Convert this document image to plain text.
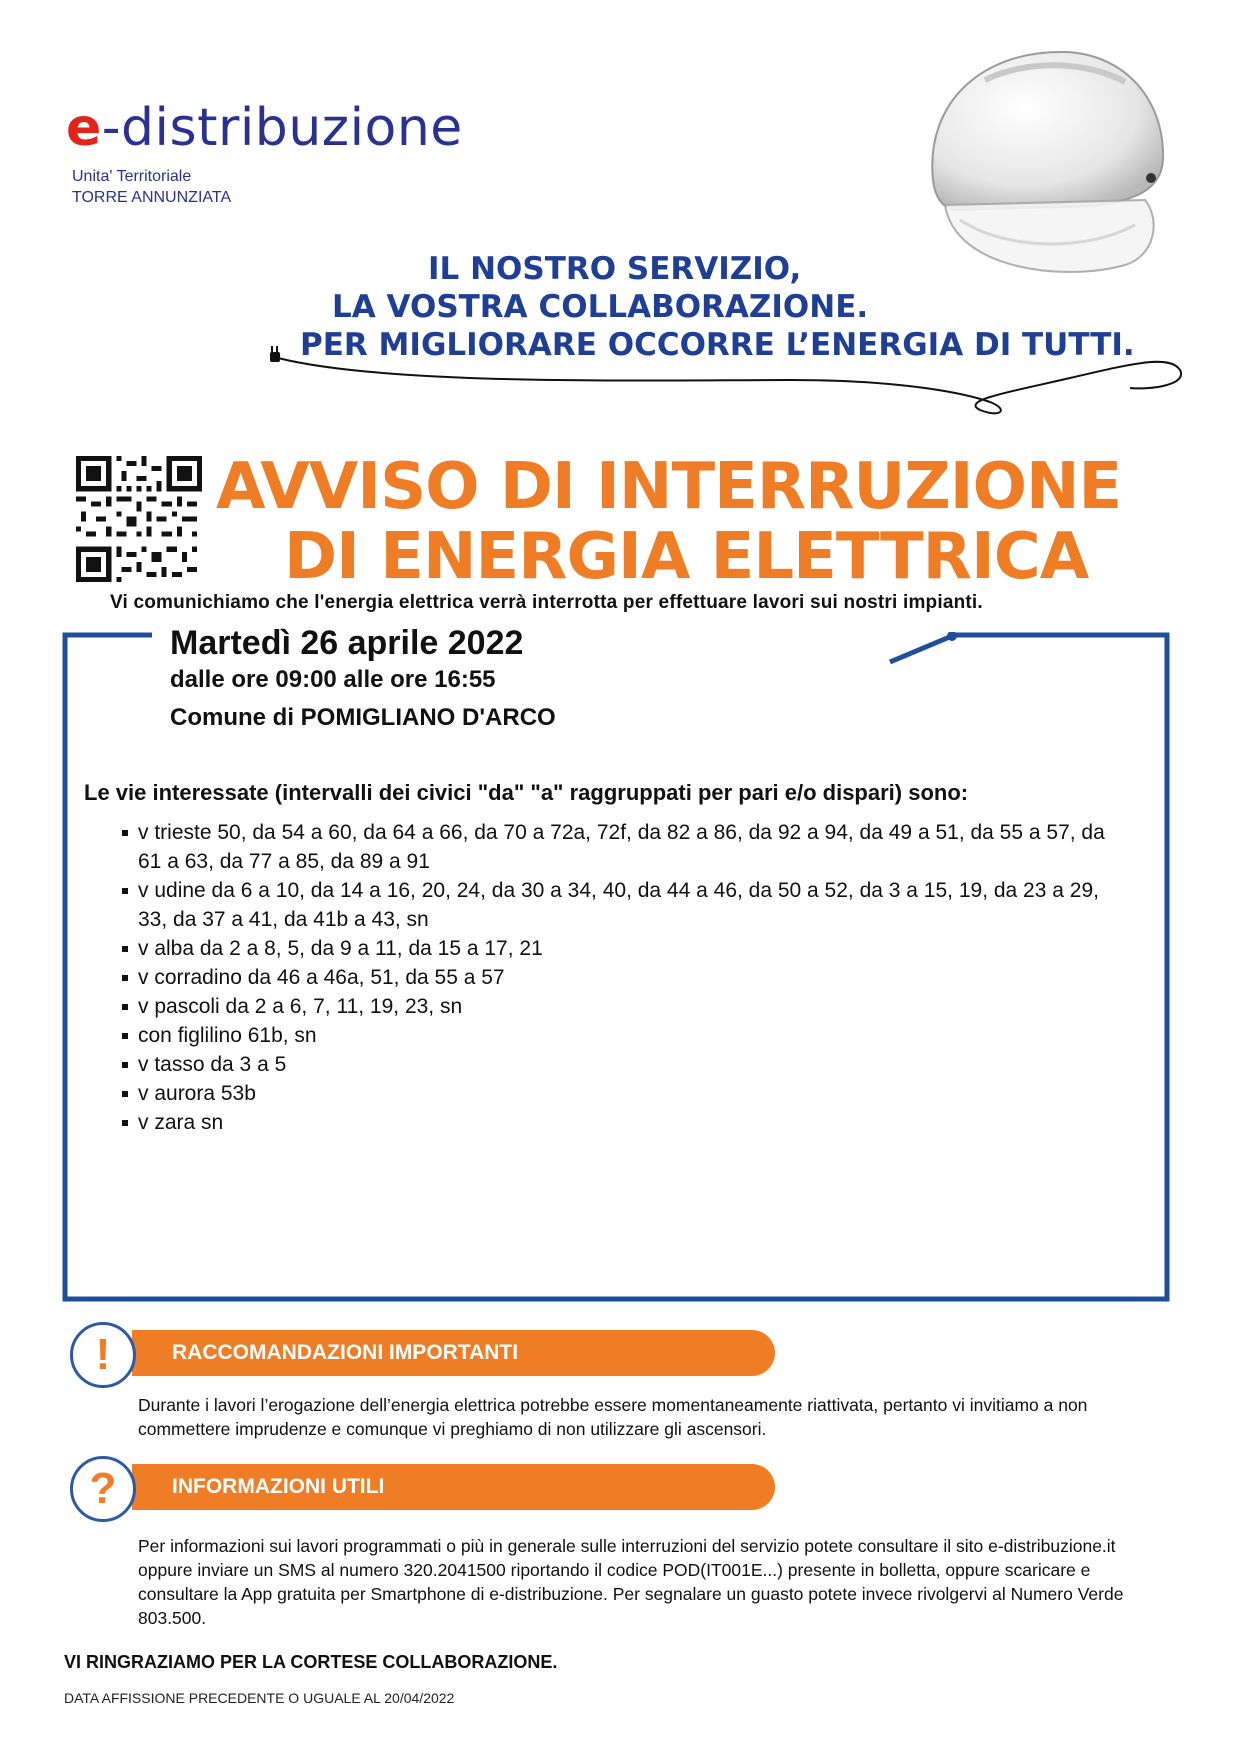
e-distribuzione
Unita' Territoriale
TORRE ANNUNZIATA
IL NOSTRO SERVIZIO,
LA VOSTRA COLLABORAZIONE.
PER MIGLIORARE OCCORRE L’ENERGIA DI TUTTI.
AVVISO DI INTERRUZIONE
DI ENERGIA ELETTRICA
Vi comunichiamo che l'energia elettrica verrà interrotta per effettuare lavori sui nostri impianti.
Martedì 26 aprile 2022
dalle ore 09:00 alle ore 16:55
Comune di POMIGLIANO D'ARCO
Le vie interessate (intervalli dei civici "da" "a" raggruppati per pari e/o dispari) sono:
v trieste 50, da 54 a 60, da 64 a 66, da 70 a 72a, 72f, da 82 a 86, da 92 a 94, da 49 a 51, da 55 a 57, da 61 a 63, da 77 a 85, da 89 a 91
v udine da 6 a 10, da 14 a 16, 20, 24, da 30 a 34, 40, da 44 a 46, da 50 a 52, da 3 a 15, 19, da 23 a 29, 33, da 37 a 41, da 41b a 43, sn
v alba da 2 a 8, 5, da 9 a 11, da 15 a 17, 21
v corradino da 46 a 46a, 51, da 55 a 57
v pascoli da 2 a 6, 7, 11, 19, 23, sn
con figlilino 61b, sn
v tasso da 3 a 5
v aurora 53b
v zara sn
RACCOMANDAZIONI IMPORTANTI
!
Durante i lavori l’erogazione dell’energia elettrica potrebbe essere momentaneamente riattivata, pertanto vi invitiamo a non commettere imprudenze e comunque vi preghiamo di non utilizzare gli ascensori.
INFORMAZIONI UTILI
?
Per informazioni sui lavori programmati o più in generale sulle interruzioni del servizio potete consultare il sito e-distribuzione.it oppure inviare un SMS al numero 320.2041500 riportando il codice POD(IT001E...) presente in bolletta, oppure scaricare e consultare la App gratuita per Smartphone di e-distribuzione. Per segnalare un guasto potete invece rivolgervi al Numero Verde 803.500.
VI RINGRAZIAMO PER LA CORTESE COLLABORAZIONE.
DATA AFFISSIONE PRECEDENTE O UGUALE AL 20/04/2022
